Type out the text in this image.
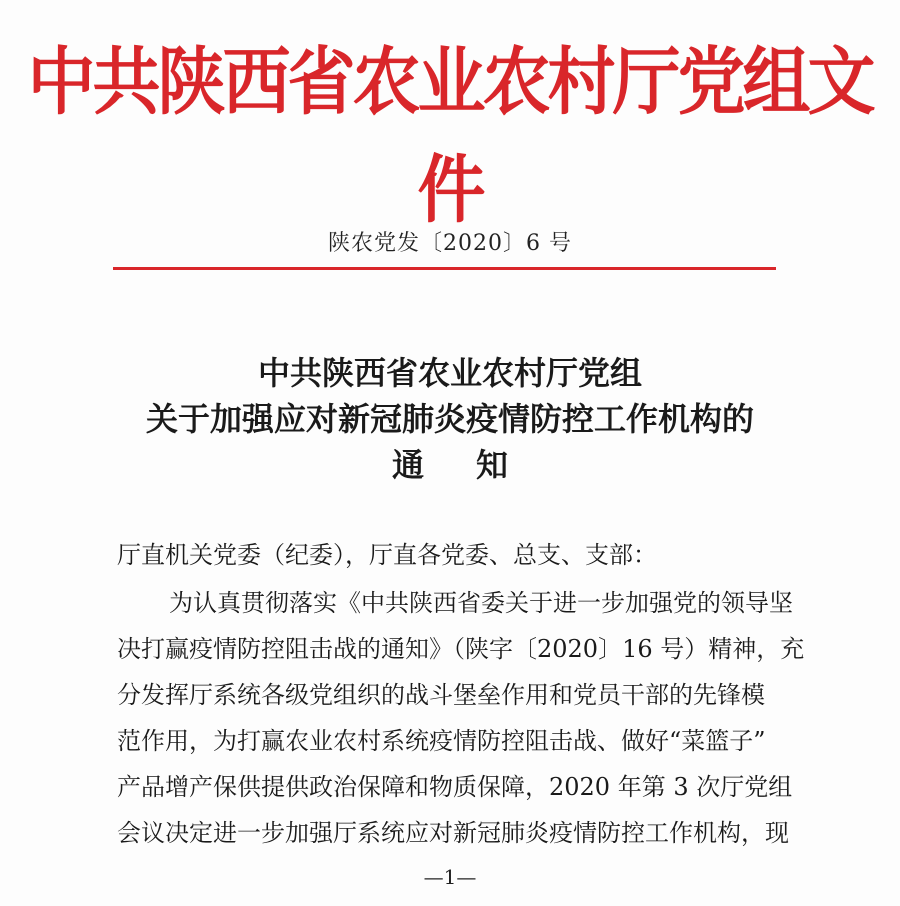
中共陕西省农业农村厅党组文件
陕农党发〔2020〕6 号
中共陕西省农业农村厅党组
关于加强应对新冠肺炎疫情防控工作机构的
通知
厅直机关党委（纪委），厅直各党委、总支、支部：
为认真贯彻落实《中共陕西省委关于进一步加强党的领导坚
决打赢疫情防控阻击战的通知》（陕字〔2020〕16 号）精神，充
分发挥厅系统各级党组织的战斗堡垒作用和党员干部的先锋模
范作用，为打赢农业农村系统疫情防控阻击战、做好“菜篮子”
产品增产保供提供政治保障和物质保障，2020 年第 3 次厅党组
会议决定进一步加强厅系统应对新冠肺炎疫情防控工作机构，现
—1—
